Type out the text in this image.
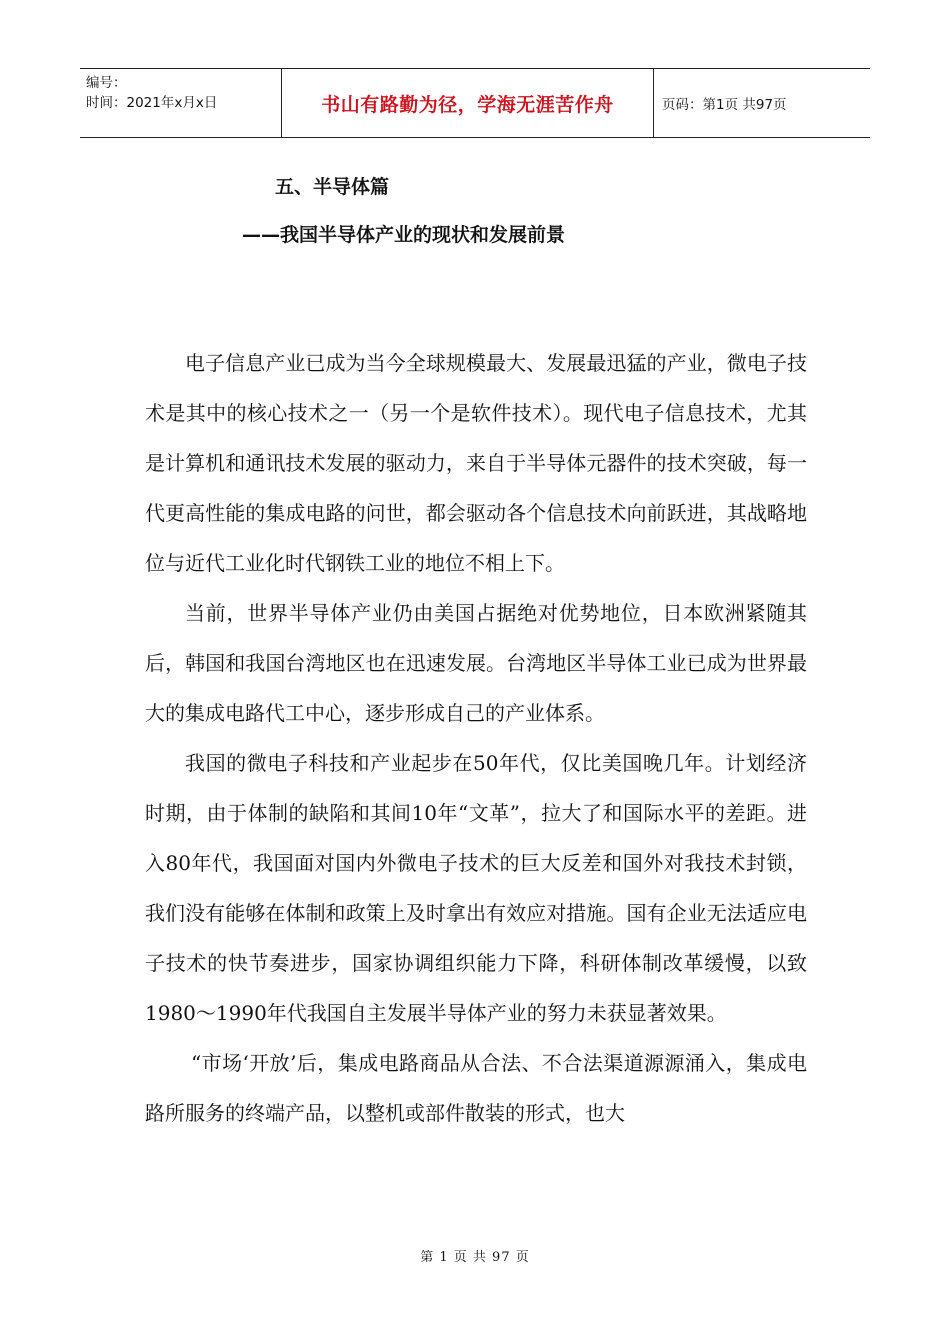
编号：
时间：2021年x月x日	书山有路勤为径，学海无涯苦作舟	页码：第1页 共97页
五、半导体篇
——我国半导体产业的现状和发展前景

电子信息产业已成为当今全球规模最大、发展最迅猛的产业，微电子技术是其中的核心技术之一（另一个是软件技术）。现代电子信息技术，尤其是计算机和通讯技术发展的驱动力，来自于半导体元器件的技术突破，每一代更高性能的集成电路的问世，都会驱动各个信息技术向前跃进，其战略地位与近代工业化时代钢铁工业的地位不相上下。

当前，世界半导体产业仍由美国占据绝对优势地位，日本欧洲紧随其后，韩国和我国台湾地区也在迅速发展。台湾地区半导体工业已成为世界最大的集成电路代工中心，逐步形成自己的产业体系。

我国的微电子科技和产业起步在50年代，仅比美国晚几年。计划经济时期，由于体制的缺陷和其间10年“文革”，拉大了和国际水平的差距。进入80年代，我国面对国内外微电子技术的巨大反差和国外对我技术封锁，我们没有能够在体制和政策上及时拿出有效应对措施。国有企业无法适应电子技术的快节奏进步，国家协调组织能力下降，科研体制改革缓慢，以致1980～1990年代我国自主发展半导体产业的努力未获显著效果。

“市场‘开放’后，集成电路商品从合法、不合法渠道源源涌入，集成电路所服务的终端产品，以整机或部件散装的形式，也大

第 1 页 共 97 页
